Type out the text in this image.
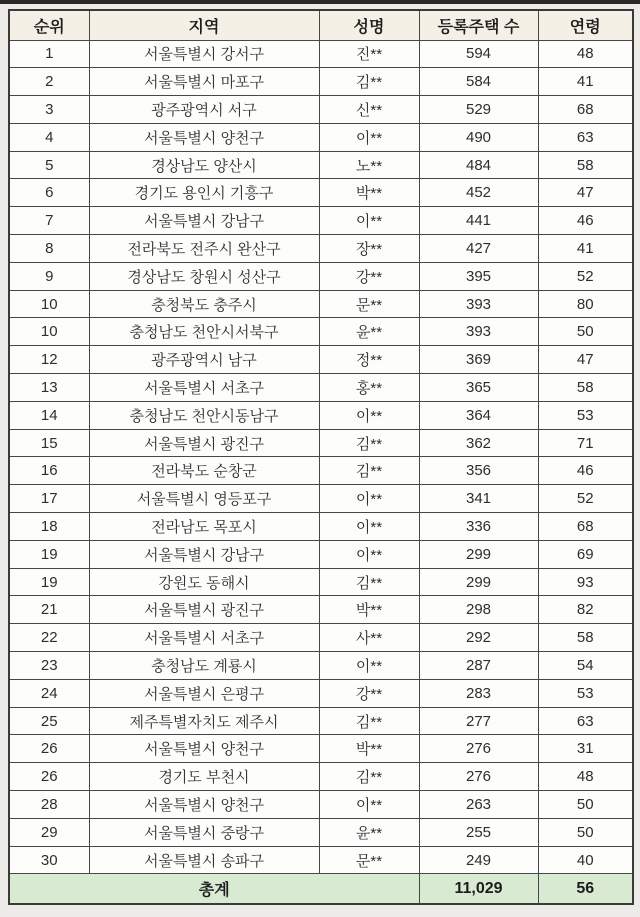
순위	지역	성명	등록주택 수	연령
1	서울특별시 강서구	진**	594	48
2	서울특별시 마포구	김**	584	41
3	광주광역시 서구	신**	529	68
4	서울특별시 양천구	이**	490	63
5	경상남도 양산시	노**	484	58
6	경기도 용인시 기흥구	박**	452	47
7	서울특별시 강남구	이**	441	46
8	전라북도 전주시 완산구	장**	427	41
9	경상남도 창원시 성산구	강**	395	52
10	충청북도 충주시	문**	393	80
10	충청남도 천안시서북구	윤**	393	50
12	광주광역시 남구	정**	369	47
13	서울특별시 서초구	홍**	365	58
14	충청남도 천안시동남구	이**	364	53
15	서울특별시 광진구	김**	362	71
16	전라북도 순창군	김**	356	46
17	서울특별시 영등포구	이**	341	52
18	전라남도 목포시	이**	336	68
19	서울특별시 강남구	이**	299	69
19	강원도 동해시	김**	299	93
21	서울특별시 광진구	박**	298	82
22	서울특별시 서초구	사**	292	58
23	충청남도 계룡시	이**	287	54
24	서울특별시 은평구	강**	283	53
25	제주특별자치도 제주시	김**	277	63
26	서울특별시 양천구	박**	276	31
26	경기도 부천시	김**	276	48
28	서울특별시 양천구	이**	263	50
29	서울특별시 중랑구	윤**	255	50
30	서울특별시 송파구	문**	249	40
총계			11,029	56
